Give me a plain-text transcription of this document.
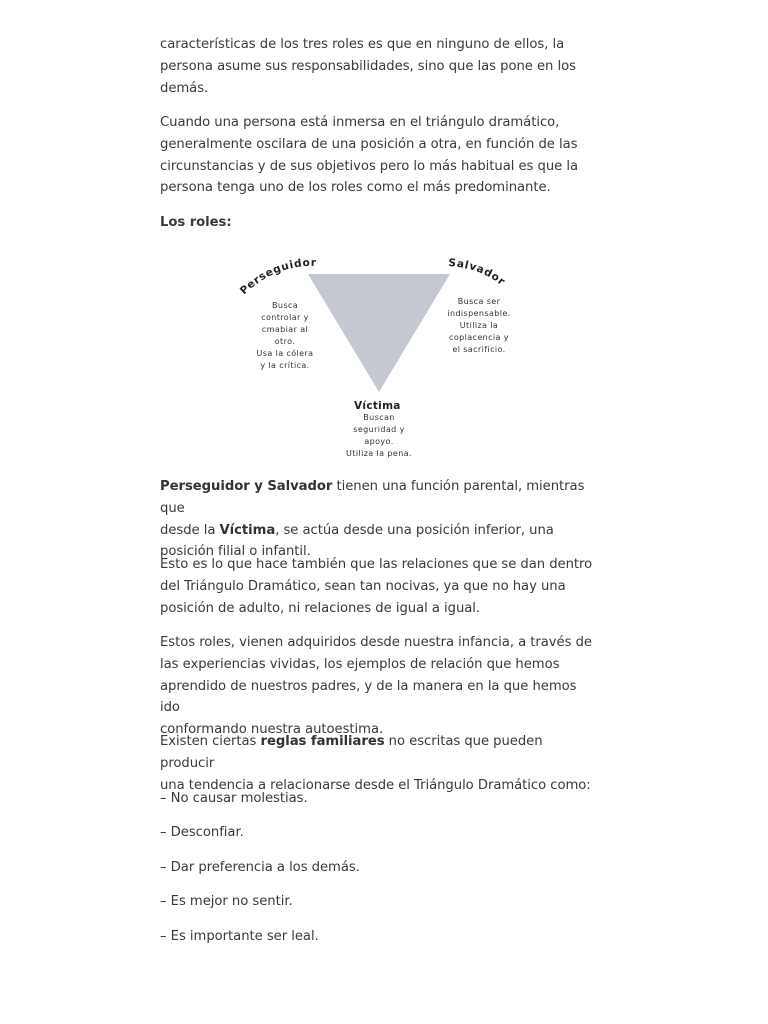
características de los tres roles es que en ninguno de ellos, la
persona asume sus responsabilidades, sino que las pone en los
demás.

Cuando una persona está inmersa en el triángulo dramático,
generalmente oscilara de una posición a otra, en función de las
circunstancias y de sus objetivos pero lo más habitual es que la
persona tenga uno de los roles como el más predominante.

Los roles:

Perseguidor y Salvador tienen una función parental, mientras que
desde la Víctima, se actúa desde una posición inferior, una
posición filial o infantil.

Esto es lo que hace también que las relaciones que se dan dentro
del Triángulo Dramático, sean tan nocivas, ya que no hay una
posición de adulto, ni relaciones de igual a igual.

Estos roles, vienen adquiridos desde nuestra infancia, a través de
las experiencias vividas, los ejemplos de relación que hemos
aprendido de nuestros padres, y de la manera en la que hemos ido
conformando nuestra autoestima.

Existen ciertas reglas familiares no escritas que pueden producir
una tendencia a relacionarse desde el Triángulo Dramático como:

– No causar molestias.

– Desconfiar.

– Dar preferencia a los demás.

– Es mejor no sentir.

– Es importante ser leal.

Perseguidor	Salvador
Busca
controlar y
cmabiar al
otro.
Usa la cólera
y la crítica.
Busca ser
indispensable.
Utiliza la
coplacencia y
el sacrificio.
Víctima
Buscan
seguridad y
apoyo.
Utiliza la pena.
